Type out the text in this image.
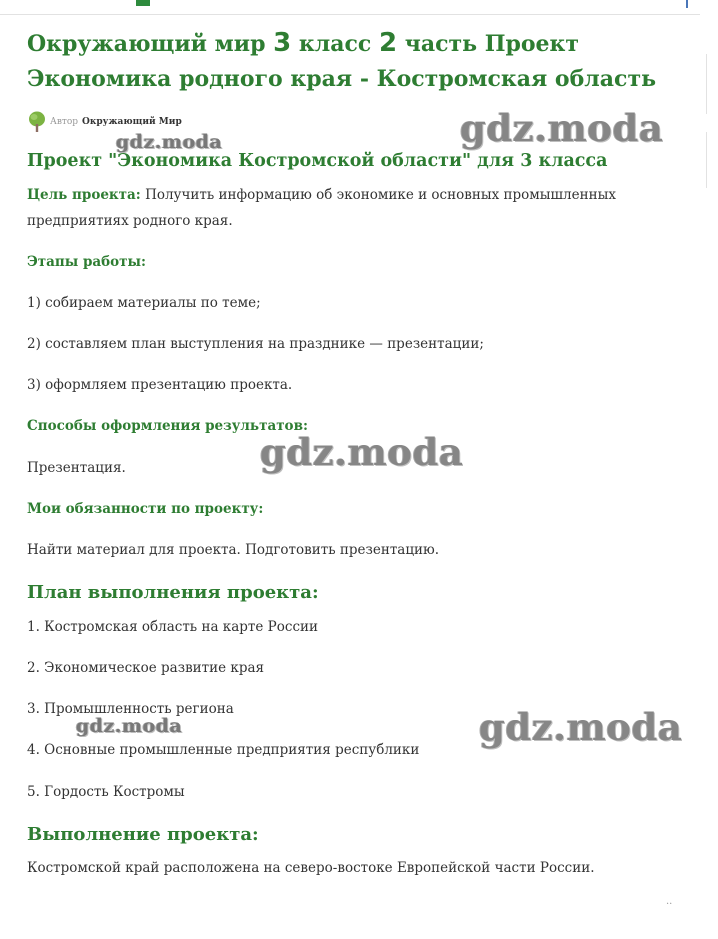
Окружающий мир 3 класс 2 часть Проект Экономика родного края - Костромская область
Автор Окружающий Мир
Проект "Экономика Костромской области" для 3 класса

Цель проекта: Получить информацию об экономике и основных промышленных предприятиях родного края.

Этапы работы:

1) собираем материалы по теме;

2) составляем план выступления на празднике — презентации;

3) оформляем презентацию проекта.

Способы оформления результатов:

Презентация.

Мои обязанности по проекту:

Найти материал для проекта. Подготовить презентацию.

План выполнения проекта:

1. Костромская область на карте России

2. Экономическое развитие края

3. Промышленность региона

4. Основные промышленные предприятия республики

5. Гордость Костромы

Выполнение проекта:

Костромской край расположена на северо-востоке Европейской части России.

gdz.moda	gdz.moda
gdz.moda
gdz.moda	gdz.moda
..
